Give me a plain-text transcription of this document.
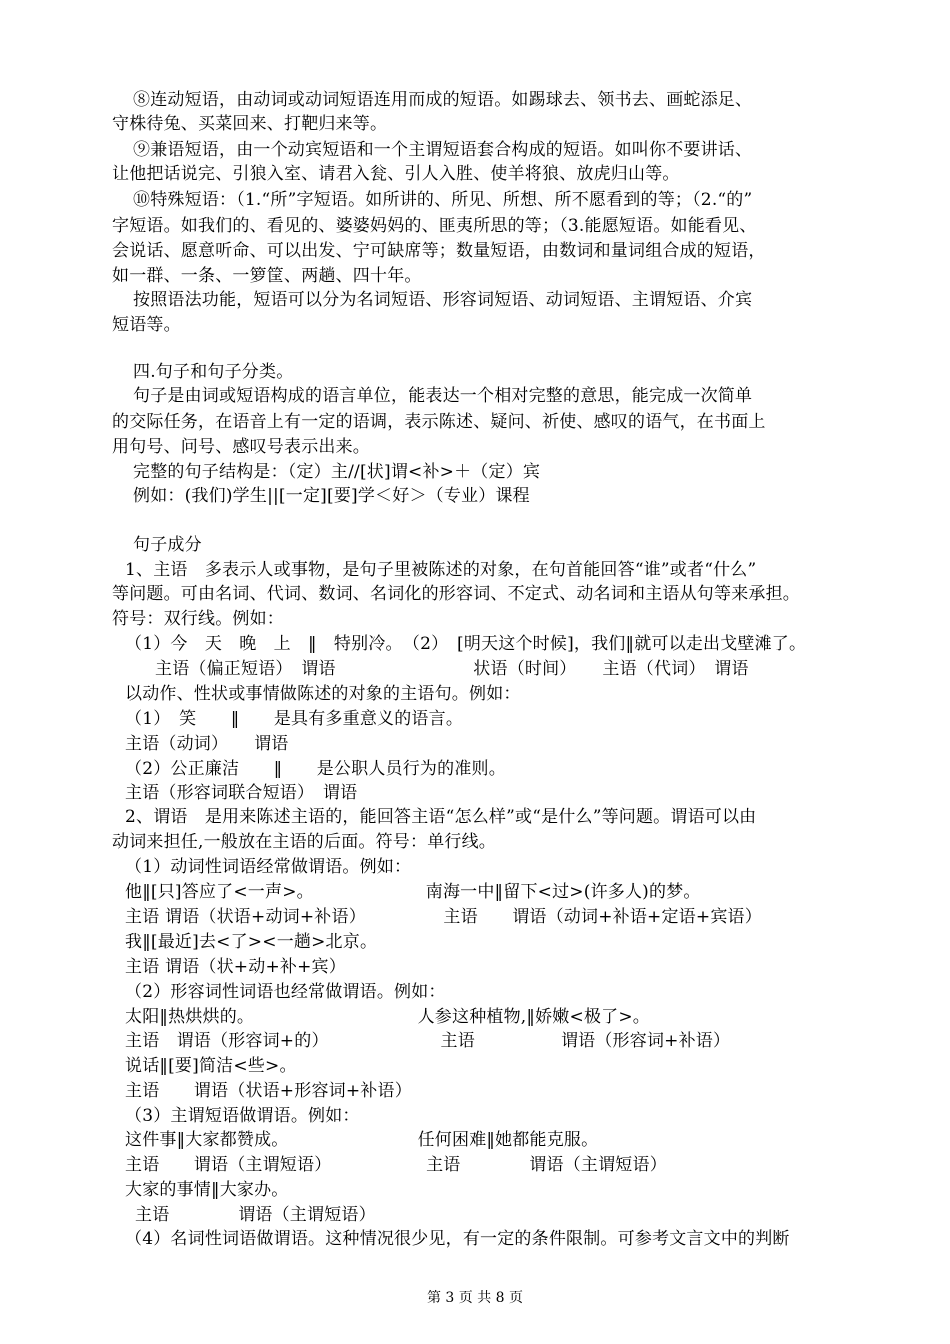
⑧连动短语，由动词或动词短语连用而成的短语。如踢球去、领书去、画蛇添足、
守株待兔、买菜回来、打靶归来等。
⑨兼语短语，由一个动宾短语和一个主谓短语套合构成的短语。如叫你不要讲话、
让他把话说完、引狼入室、请君入瓮、引人入胜、使羊将狼、放虎归山等。
⑩特殊短语：（1.“所”字短语。如所讲的、所见、所想、所不愿看到的等；（2.“的”
字短语。如我们的、看见的、婆婆妈妈的、匪夷所思的等；（3.能愿短语。如能看见、
会说话、愿意听命、可以出发、宁可缺席等；数量短语，由数词和量词组合成的短语，
如一群、一条、一箩筐、两趟、四十年。
按照语法功能，短语可以分为名词短语、形容词短语、动词短语、主谓短语、介宾
短语等。
四.句子和句子分类。
句子是由词或短语构成的语言单位，能表达一个相对完整的意思，能完成一次简单
的交际任务，在语音上有一定的语调，表示陈述、疑问、祈使、感叹的语气，在书面上
用句号、问号、感叹号表示出来。
完整的句子结构是：（定）主//[状]谓<补>＋（定）宾
例如：(我们)学生||[一定][要]学＜好＞（专业）课程
句子成分
1、主语　多表示人或事物，是句子里被陈述的对象，在句首能回答“谁”或者“什么”
等问题。可由名词、代词、数词、名词化的形容词、不定式、动名词和主语从句等来承担。
符号：双行线。例如：
（1）今　天　晚　上　‖　特别冷。　（2）　[明天这个时候]，我们‖就可以走出戈壁滩了。
主语（偏正短语）　谓语　　　　　　　　状语（时间）　　主语（代词）　谓语
以动作、性状或事情做陈述的对象的主语句。例如：
（1）　笑　　‖　　是具有多重意义的语言。
主语（动词）　　谓语
（2）公正廉洁　　‖　　是公职人员行为的准则。
主语（形容词联合短语）　谓语
2、谓语　是用来陈述主语的，能回答主语“怎么样”或“是什么”等问题。谓语可以由
动词来担任,一般放在主语的后面。符号：单行线。
（1）动词性词语经常做谓语。例如：
他‖[只]答应了<一声>。　　　　　　　南海一中‖留下<过>(许多人)的梦。
主语 谓语（状语+动词+补语）　　　　　主语　　谓语（动词+补语+定语+宾语）
我‖[最近]去<了><一趟>北京。
主语 谓语（状+动+补+宾）
（2）形容词性词语也经常做谓语。例如：
太阳‖热烘烘的。　　　　　　　　　　人参这种植物,‖娇嫩<极了>。
主语　谓语（形容词+的）　　　　　　　主语　　　　　谓语（形容词+补语）
说话‖[要]简洁<些>。
主语　　谓语（状语+形容词+补语）
（3）主谓短语做谓语。例如：
这件事‖大家都赞成。　　　　　　　　任何困难‖她都能克服。
主语　　谓语（主谓短语）　　　　　　主语　　　　谓语（主谓短语）
大家的事情‖大家办。
主语　　　　谓语（主谓短语）
（4）名词性词语做谓语。这种情况很少见，有一定的条件限制。可参考文言文中的判断
第 3 页 共 8 页
